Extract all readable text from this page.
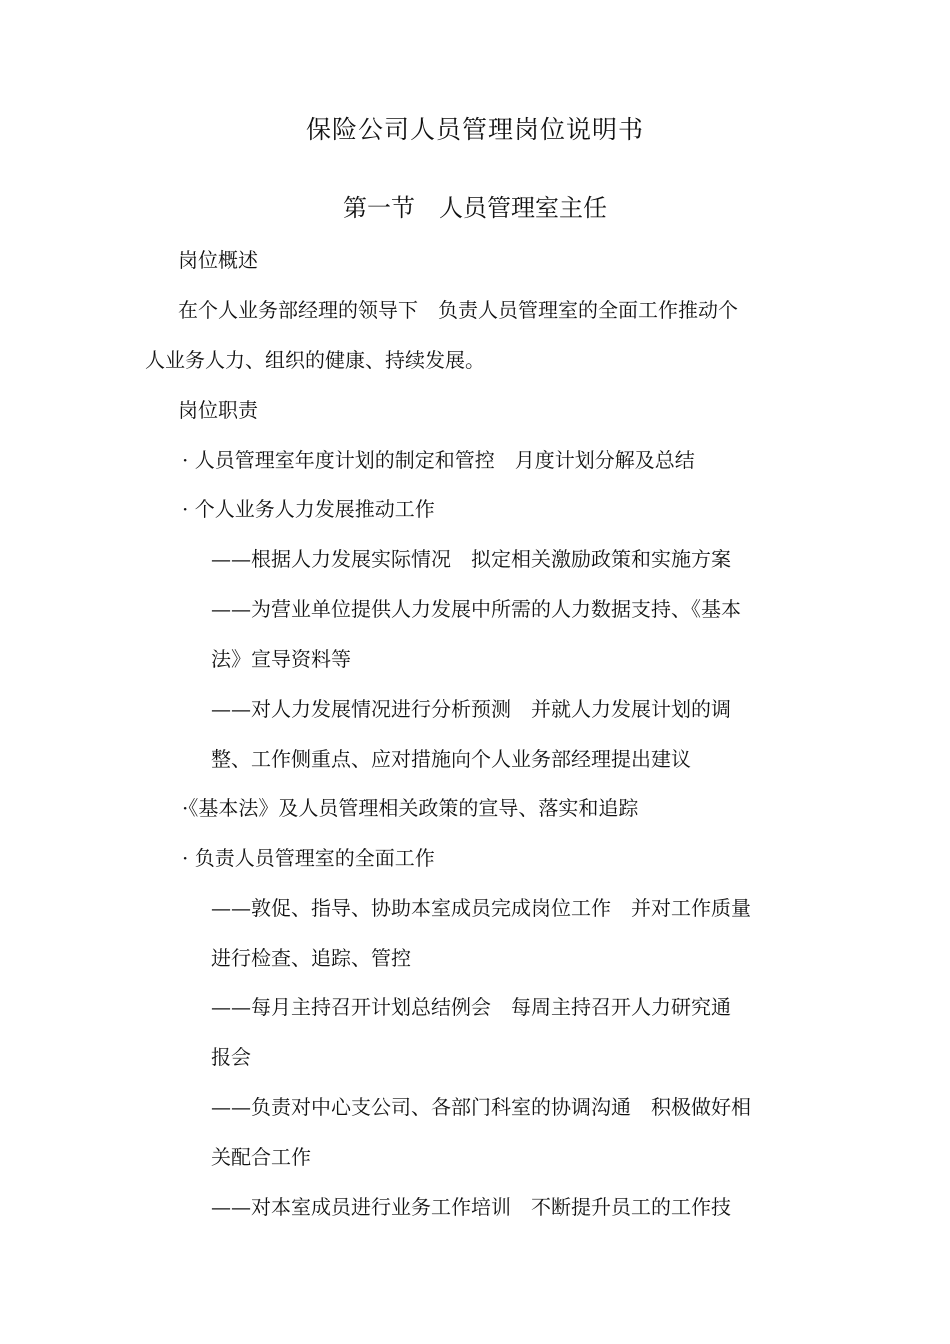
保险公司人员管理岗位说明书
第一节　人员管理室主任
岗位概述
在个人业务部经理的领导下　负责人员管理室的全面工作推动个
人业务人力、组织的健康、持续发展。
岗位职责
· 人员管理室年度计划的制定和管控　月度计划分解及总结
· 个人业务人力发展推动工作
——根据人力发展实际情况　拟定相关激励政策和实施方案
——为营业单位提供人力发展中所需的人力数据支持、《基本
法》宣导资料等
——对人力发展情况进行分析预测　并就人力发展计划的调
整、工作侧重点、应对措施向个人业务部经理提出建议
·《基本法》及人员管理相关政策的宣导、落实和追踪
· 负责人员管理室的全面工作
——敦促、指导、协助本室成员完成岗位工作　并对工作质量
进行检查、追踪、管控
——每月主持召开计划总结例会　每周主持召开人力研究通
报会
——负责对中心支公司、各部门科室的协调沟通　积极做好相
关配合工作
——对本室成员进行业务工作培训　不断提升员工的工作技
